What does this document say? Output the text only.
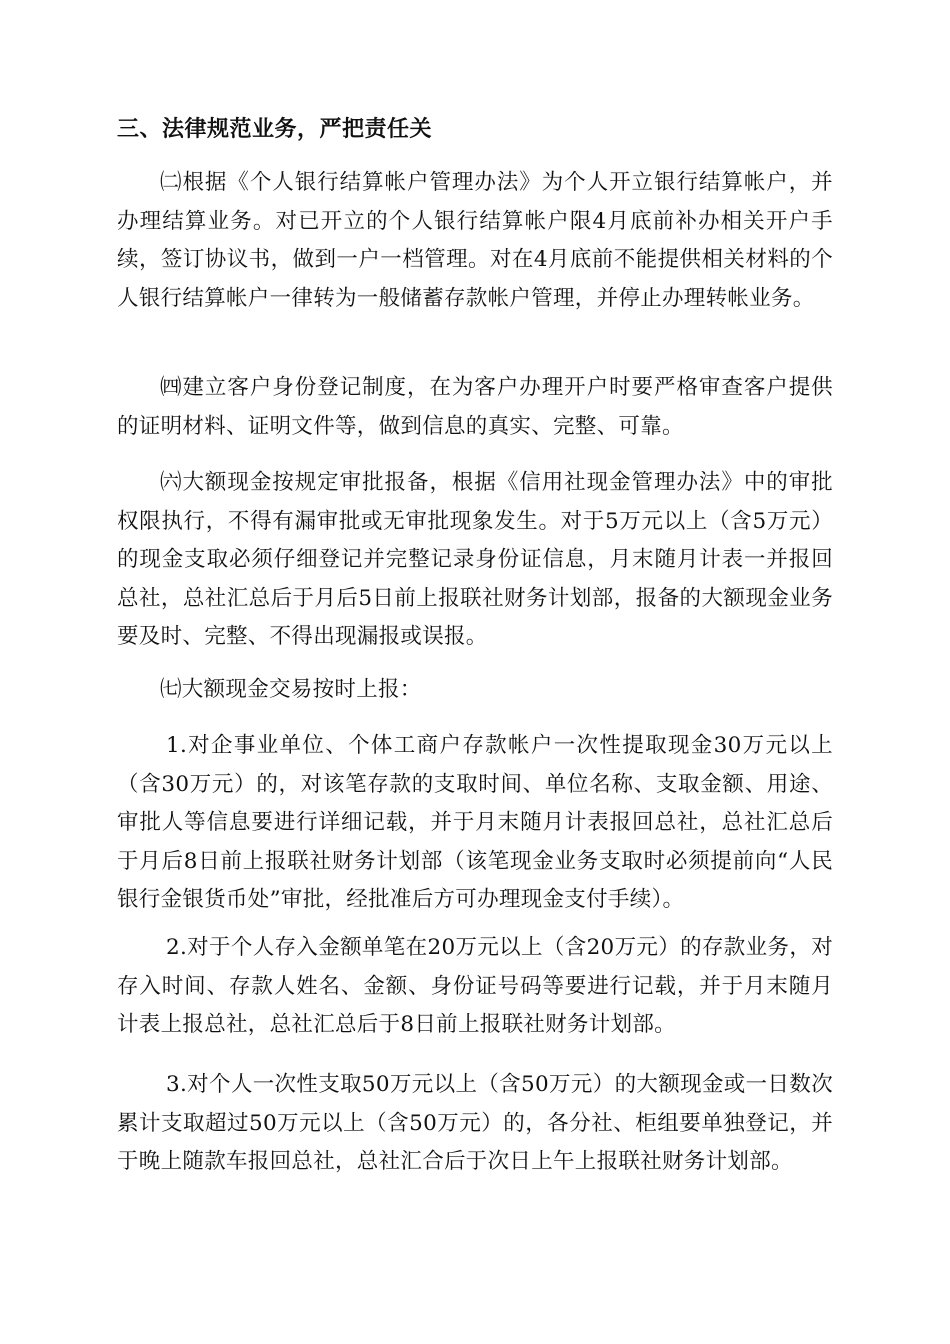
三、法律规范业务，严把责任关

㈡根据《个人银行结算帐户管理办法》为个人开立银行结算帐户，并办理结算业务。对已开立的个人银行结算帐户限4月底前补办相关开户手续，签订协议书，做到一户一档管理。对在4月底前不能提供相关材料的个人银行结算帐户一律转为一般储蓄存款帐户管理，并停止办理转帐业务。

㈣建立客户身份登记制度，在为客户办理开户时要严格审查客户提供的证明材料、证明文件等，做到信息的真实、完整、可靠。

㈥大额现金按规定审批报备，根据《信用社现金管理办法》中的审批权限执行，不得有漏审批或无审批现象发生。对于5万元以上（含5万元）的现金支取必须仔细登记并完整记录身份证信息，月末随月计表一并报回总社，总社汇总后于月后5日前上报联社财务计划部，报备的大额现金业务要及时、完整、不得出现漏报或误报。

㈦大额现金交易按时上报：

1.对企事业单位、个体工商户存款帐户一次性提取现金30万元以上（含30万元）的，对该笔存款的支取时间、单位名称、支取金额、用途、审批人等信息要进行详细记载，并于月末随月计表报回总社，总社汇总后于月后8日前上报联社财务计划部（该笔现金业务支取时必须提前向“人民银行金银货币处”审批，经批准后方可办理现金支付手续）。

2.对于个人存入金额单笔在20万元以上（含20万元）的存款业务，对存入时间、存款人姓名、金额、身份证号码等要进行记载，并于月末随月计表上报总社，总社汇总后于8日前上报联社财务计划部。

3.对个人一次性支取50万元以上（含50万元）的大额现金或一日数次累计支取超过50万元以上（含50万元）的，各分社、柜组要单独登记，并于晚上随款车报回总社，总社汇合后于次日上午上报联社财务计划部。
